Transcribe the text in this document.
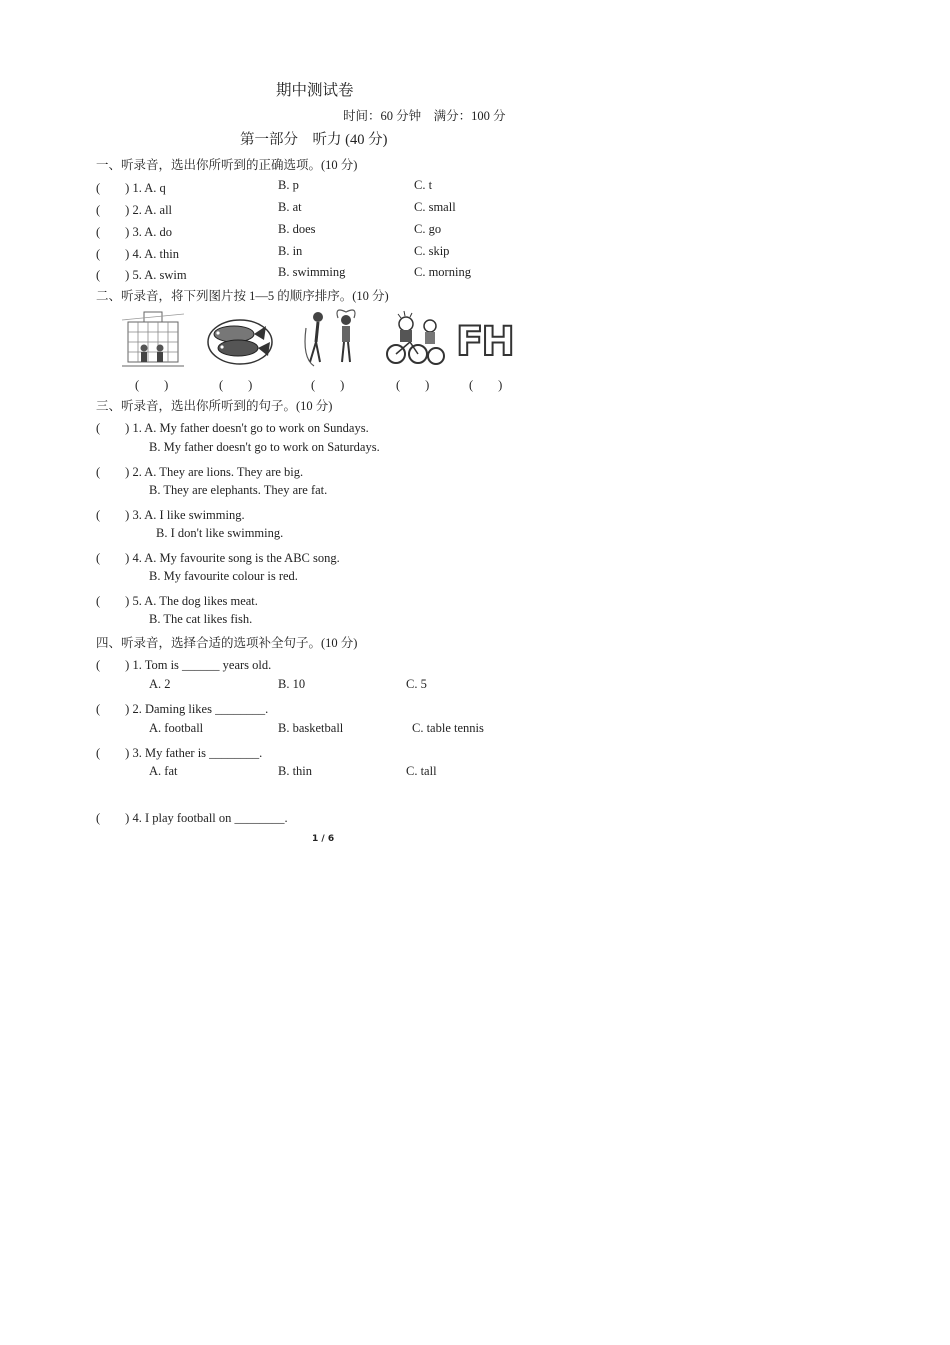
期中测试卷
时间：60 分钟　满分：100 分
第一部分　听力 (40 分)
一、听录音，选出你所听到的正确选项。(10 分)
(　　) 1. A. q	B. p	C. t
(　　) 2. A. all	B. at	C. small
(　　) 3. A. do	B. does	C. go
(　　) 4. A. thin	B. in	C. skip
(　　) 5. A. swim	B. swimming	C. morning
二、听录音，将下列图片按 1—5 的顺序排序。(10 分)
FH
(　　)	(　　)	(　　)	(　　)	(　　)
三、听录音，选出你所听到的句子。(10 分)
(　　) 1. A. My father doesn't go to work on Sundays.
B. My father doesn't go to work on Saturdays.
(　　) 2. A. They are lions. They are big.
B. They are elephants. They are fat.
(　　) 3. A. I like swimming.
B. I don't like swimming.
(　　) 4. A. My favourite song is the ABC song.
B. My favourite colour is red.
(　　) 5. A. The dog likes meat.
B. The cat likes fish.
四、听录音，选择合适的选项补全句子。(10 分)
(　　) 1. Tom is ______ years old.
A. 2	B. 10	C. 5
(　　) 2. Daming likes ________.
A. football	B. basketball	C. table tennis
(　　) 3. My father is ________.
A. fat	B. thin	C. tall
(　　) 4. I play football on ________.
1 / 6
